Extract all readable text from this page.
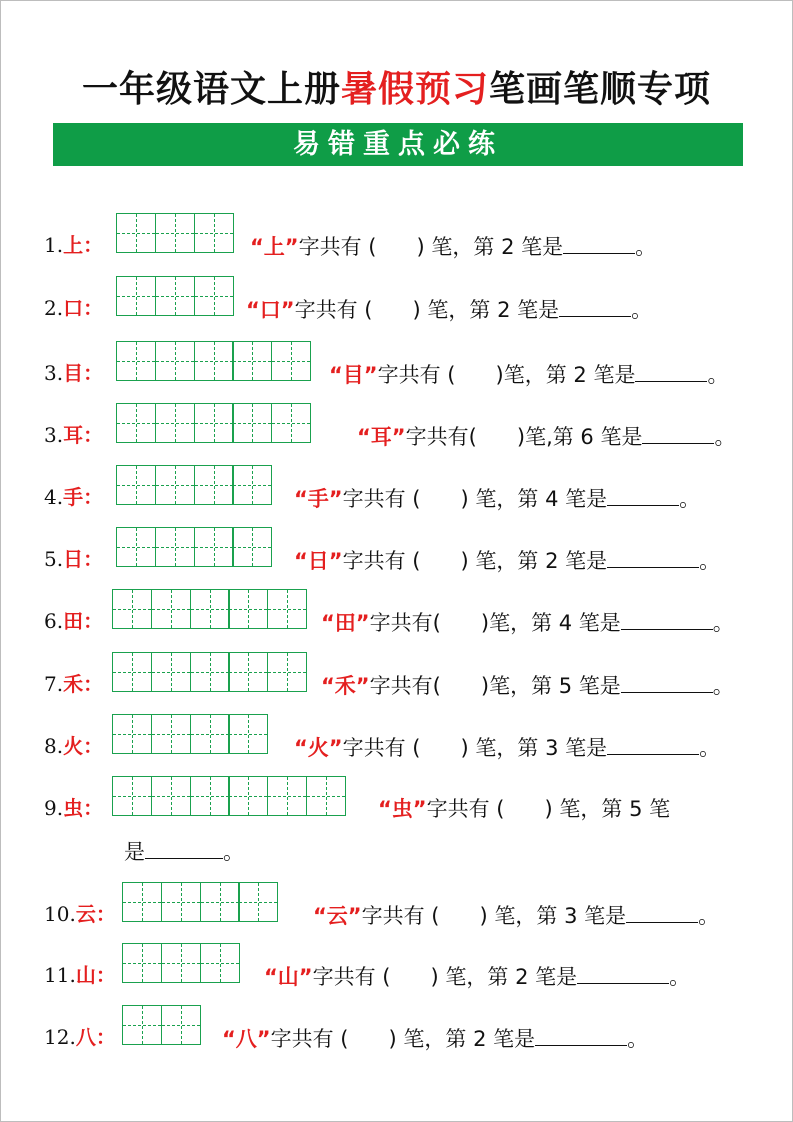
一年级语文上册暑假预习笔画笔顺专项
易错重点必练
1.上：	“上”字共有 ( ) 笔，第 2 笔是	。
2.口：	“口”字共有 ( ) 笔，第 2 笔是	。
3.目：	“目”字共有 ( )笔，第 2 笔是	。
3.耳：	“耳”字共有( )笔,第 6 笔是	。
4.手：	“手”字共有 ( ) 笔，第 4 笔是	。
5.日：	“日”字共有 ( ) 笔，第 2 笔是	。
6.田：	“田”字共有( )笔，第 4 笔是	。
7.禾：	“禾”字共有( )笔，第 5 笔是	。
8.火：	“火”字共有 ( ) 笔，第 3 笔是	。
9.虫：	“虫”字共有 ( ) 笔，第 5 笔
10.云：	“云”字共有 ( ) 笔，第 3 笔是	。
11.山：	“山”字共有 ( ) 笔，第 2 笔是	。
12.八：	“八”字共有 ( ) 笔，第 2 笔是	。
是	。
